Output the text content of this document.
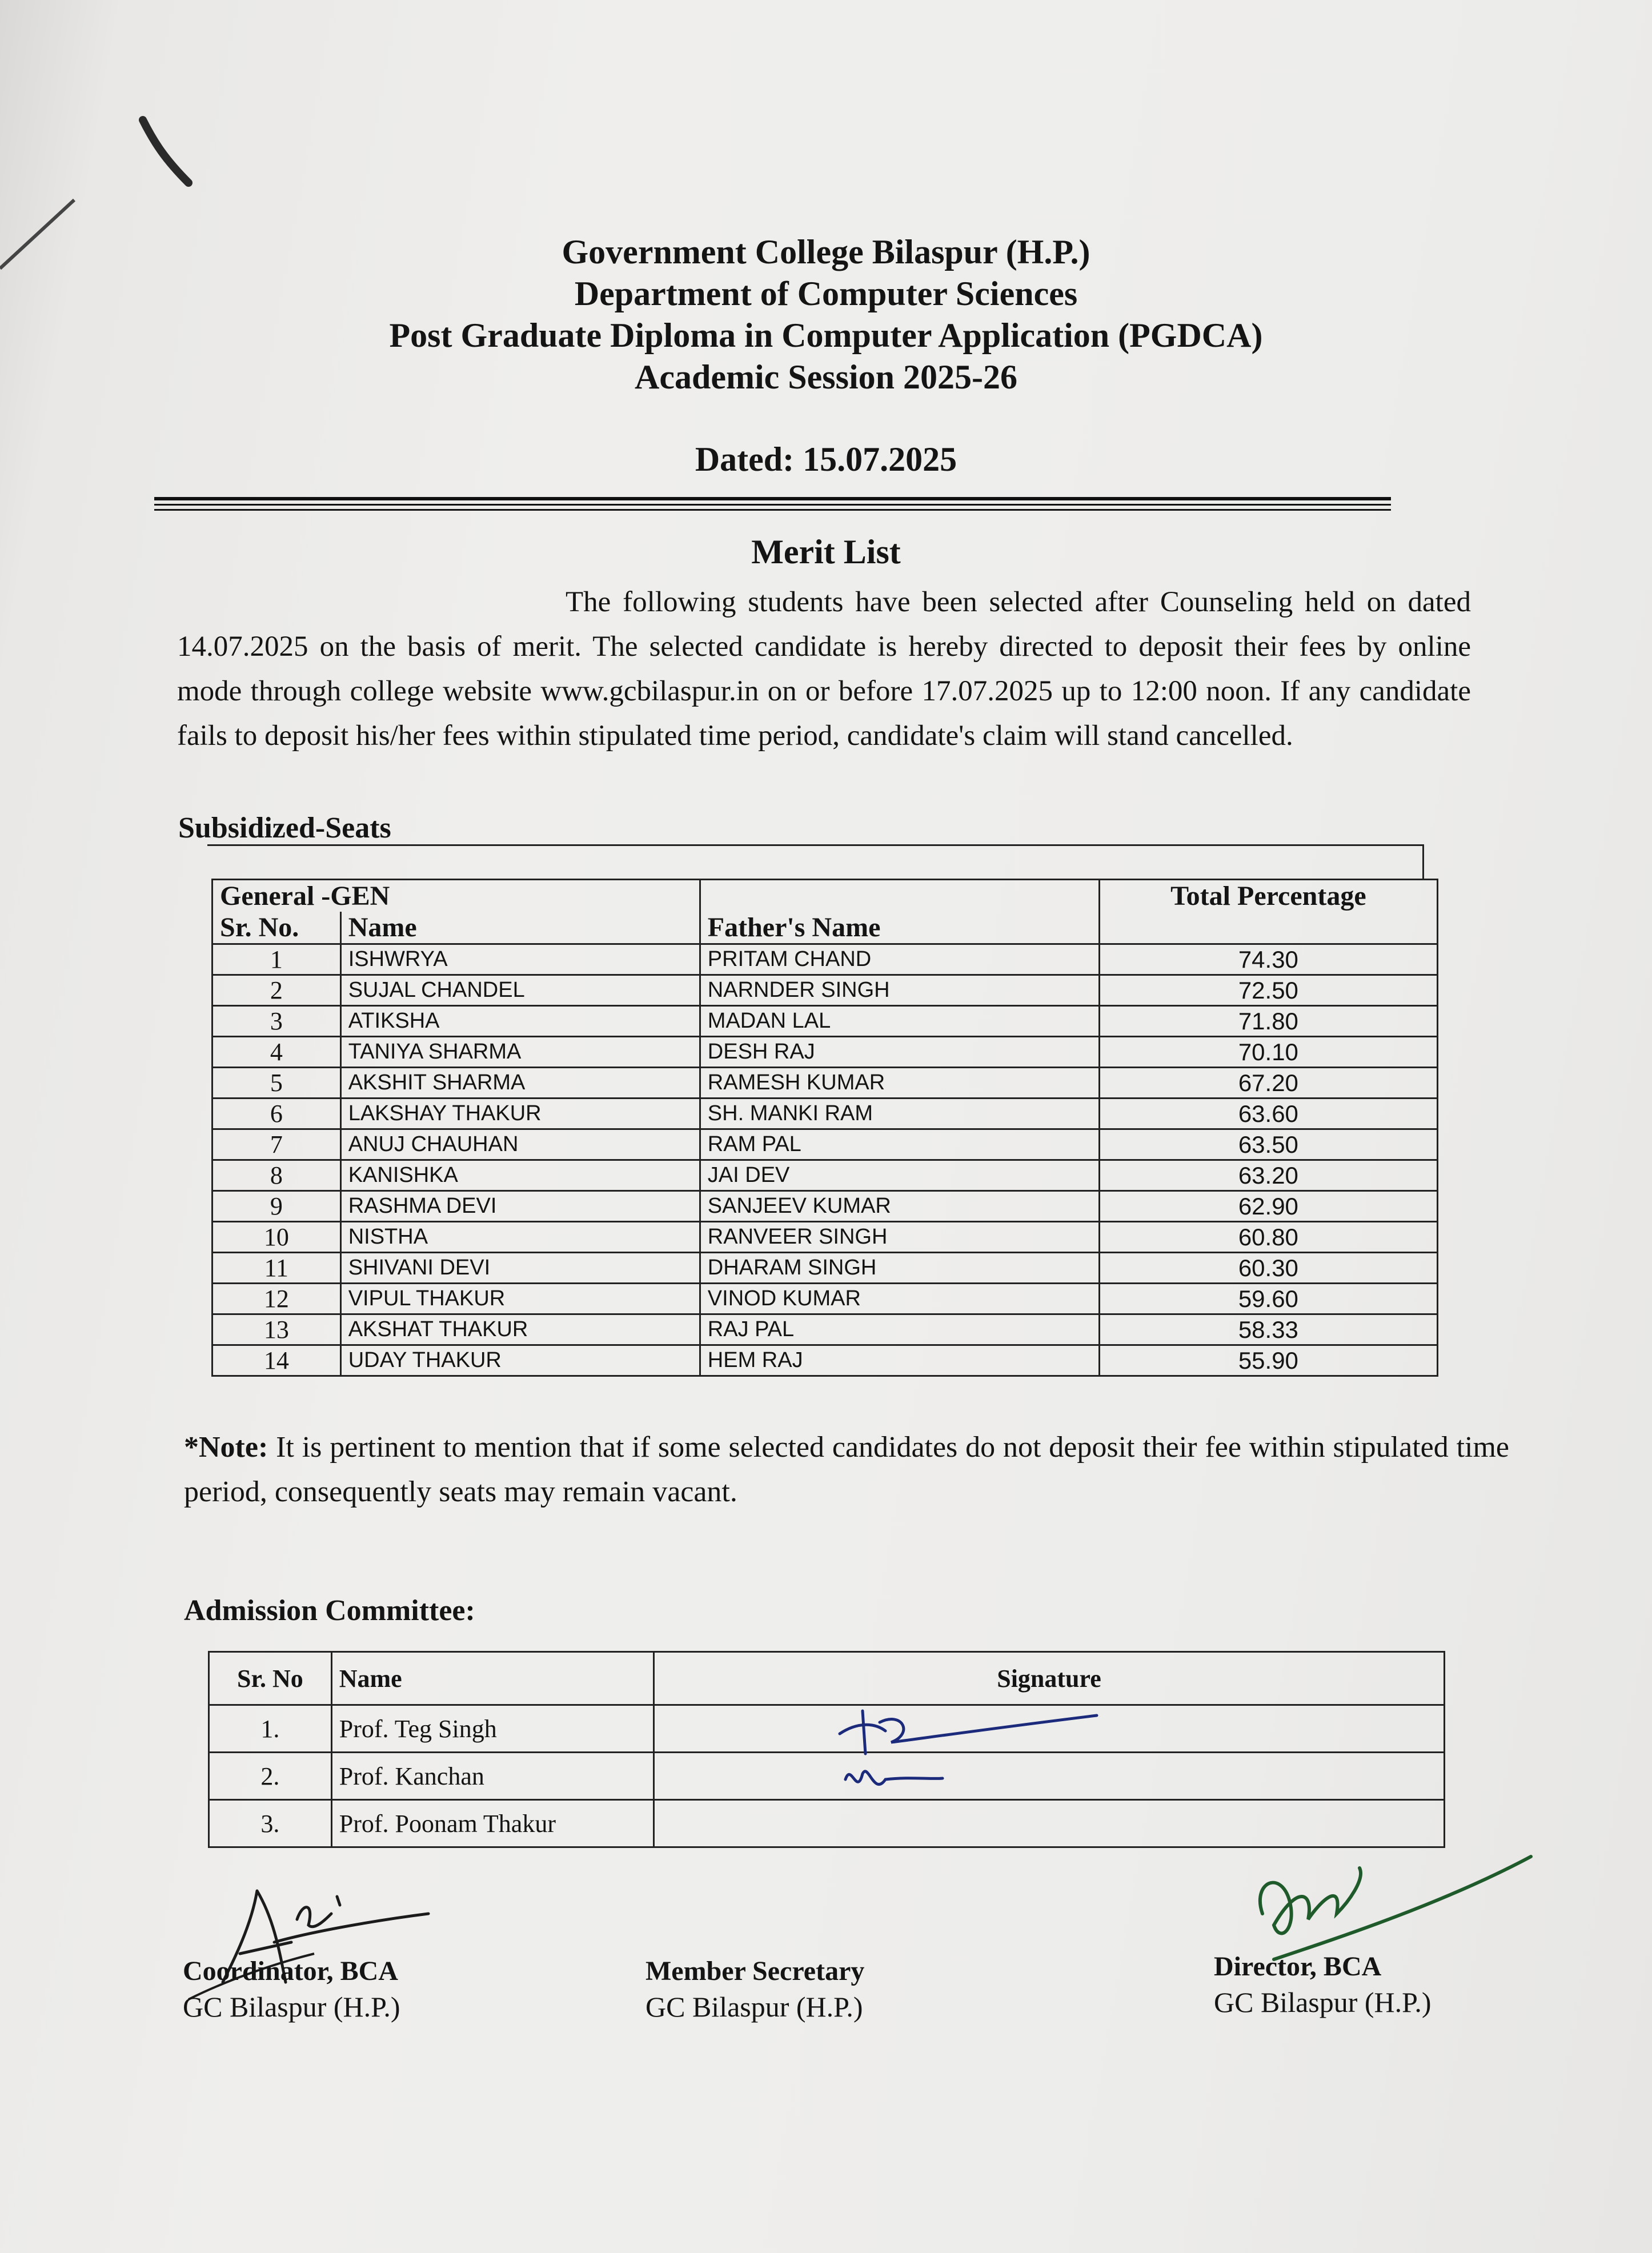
Government College Bilaspur (H.P.)
Department of Computer Sciences
Post Graduate Diploma in Computer Application (PGDCA)
Academic Session 2025-26
Dated: 15.07.2025
Merit List
The following students have been selected after Counseling held on dated 14.07.2025 on the basis of merit. The selected candidate is hereby directed to deposit their fees by online mode through college website www.gcbilaspur.in on or before 17.07.2025 up to 12:00 noon. If any candidate fails to deposit his/her fees within stipulated time period, candidate's claim will stand cancelled.
Subsidized-Seats
General -GEN			Total Percentage
Sr. No.	Name	Father's Name	
1	ISHWRYA	PRITAM CHAND	74.30
2	SUJAL CHANDEL	NARNDER SINGH	72.50
3	ATIKSHA	MADAN LAL	71.80
4	TANIYA SHARMA	DESH RAJ	70.10
5	AKSHIT SHARMA	RAMESH KUMAR	67.20
6	LAKSHAY THAKUR	SH. MANKI RAM	63.60
7	ANUJ CHAUHAN	RAM PAL	63.50
8	KANISHKA	JAI DEV	63.20
9	RASHMA DEVI	SANJEEV KUMAR	62.90
10	NISTHA	RANVEER SINGH	60.80
11	SHIVANI DEVI	DHARAM SINGH	60.30
12	VIPUL THAKUR	VINOD KUMAR	59.60
13	AKSHAT THAKUR	RAJ PAL	58.33
14	UDAY THAKUR	HEM RAJ	55.90
*Note: It is pertinent to mention that if some selected candidates do not deposit their fee within stipulated time period, consequently seats may remain vacant.
Admission Committee:
Sr. No	Name	Signature
1.	Prof. Teg Singh	
2.	Prof. Kanchan	
3.	Prof. Poonam Thakur	
Coordinator, BCA
GC Bilaspur (H.P.)
Member Secretary
GC Bilaspur (H.P.)
Director, BCA
GC Bilaspur (H.P.)
